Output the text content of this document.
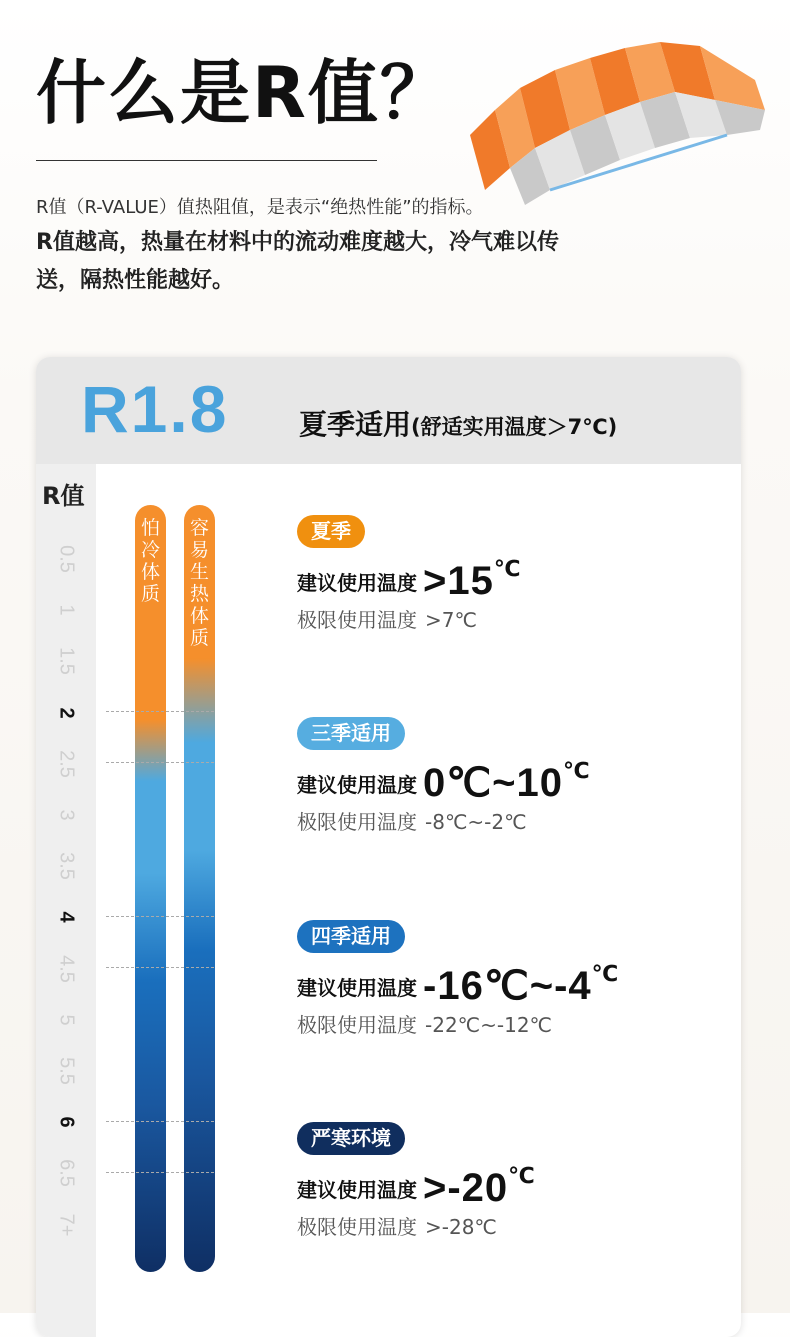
什么是R值？
R值（R-VALUE）值热阻值，是表示“绝热性能”的指标。
R值越高，热量在材料中的流动难度越大，冷气难以传送，隔热性能越好。
R1.8	夏季适用(舒适实用温度＞7℃)
R值
0.5
1
1.5
2
2.5
3
3.5
4
4.5
5
5.5
6
6.5
7+
怕冷体质
容易生热体质
夏季
建议使用温度 >15℃
极限使用温度 >7℃
三季适用
建议使用温度 0℃~10℃
极限使用温度 -8℃~-2℃
四季适用
建议使用温度 -16℃~-4℃
极限使用温度 -22℃~-12℃
严寒环境
建议使用温度 >-20℃
极限使用温度 >-28℃
